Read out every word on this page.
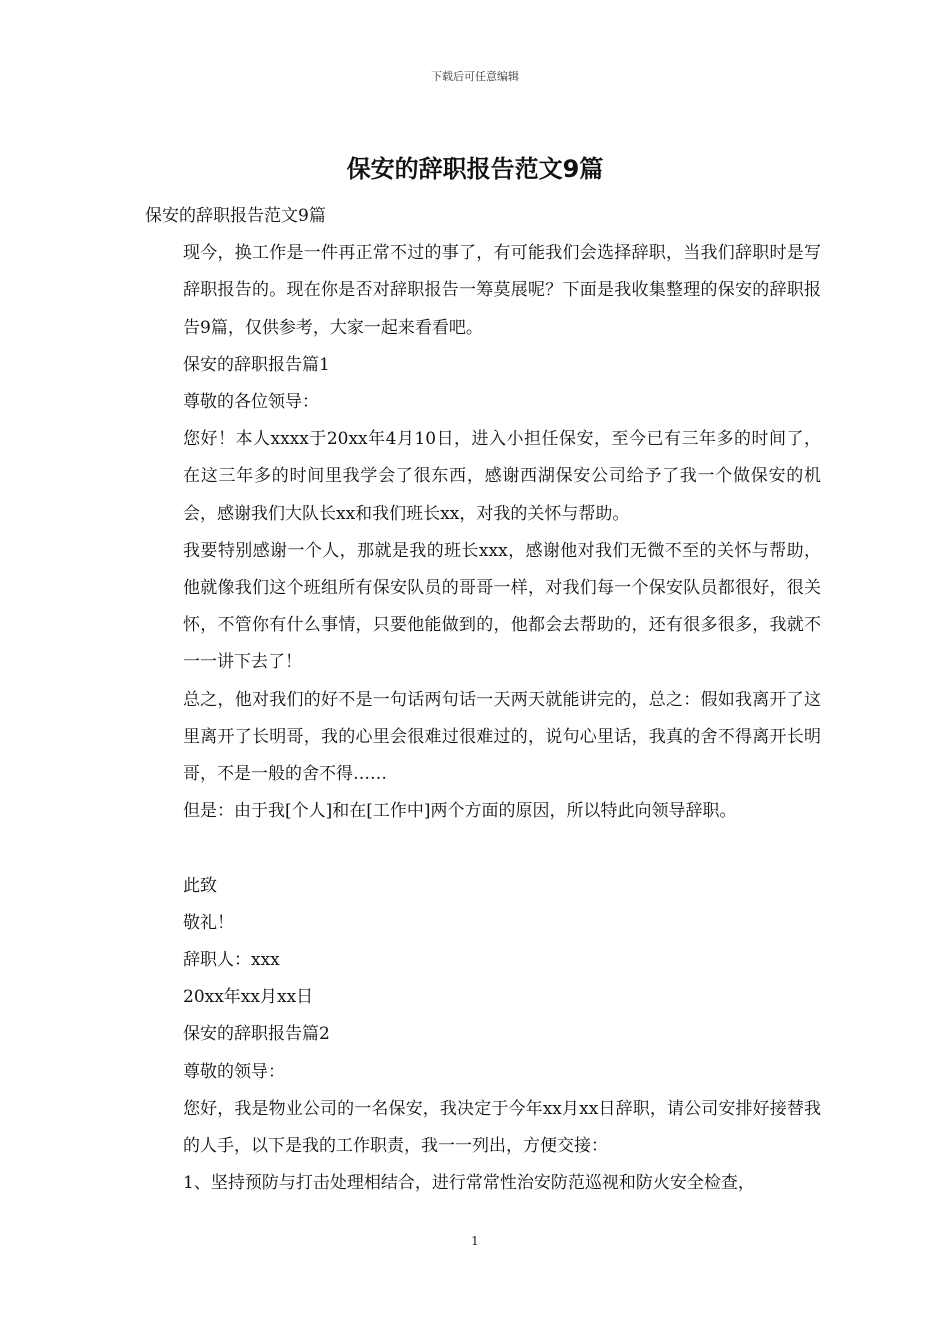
下载后可任意编辑
保安的辞职报告范文9篇

保安的辞职报告范文9篇

现今，换工作是一件再正常不过的事了，有可能我们会选择辞职，当我们辞职时是写辞职报告的。现在你是否对辞职报告一筹莫展呢？下面是我收集整理的保安的辞职报告9篇，仅供参考，大家一起来看看吧。

保安的辞职报告篇1

尊敬的各位领导：

您好！本人xxxx于20xx年4月10日，进入小担任保安，至今已有三年多的时间了，在这三年多的时间里我学会了很东西，感谢西湖保安公司给予了我一个做保安的机会，感谢我们大队长xx和我们班长xx，对我的关怀与帮助。

我要特别感谢一个人，那就是我的班长xxx，感谢他对我们无微不至的关怀与帮助，他就像我们这个班组所有保安队员的哥哥一样，对我们每一个保安队员都很好，很关怀，不管你有什么事情，只要他能做到的，他都会去帮助的，还有很多很多，我就不一一讲下去了！

总之，他对我们的好不是一句话两句话一天两天就能讲完的，总之：假如我离开了这里离开了长明哥，我的心里会很难过很难过的，说句心里话，我真的舍不得离开长明哥，不是一般的舍不得……

但是：由于我[个人]和在[工作中]两个方面的原因，所以特此向领导辞职。

此致

敬礼！

辞职人：xxx

20xx年xx月xx日

保安的辞职报告篇2

尊敬的领导：

您好，我是物业公司的一名保安，我决定于今年xx月xx日辞职，请公司安排好接替我的人手，以下是我的工作职责，我一一列出，方便交接：

1、坚持预防与打击处理相结合，进行常常性治安防范巡视和防火安全检查，

1
